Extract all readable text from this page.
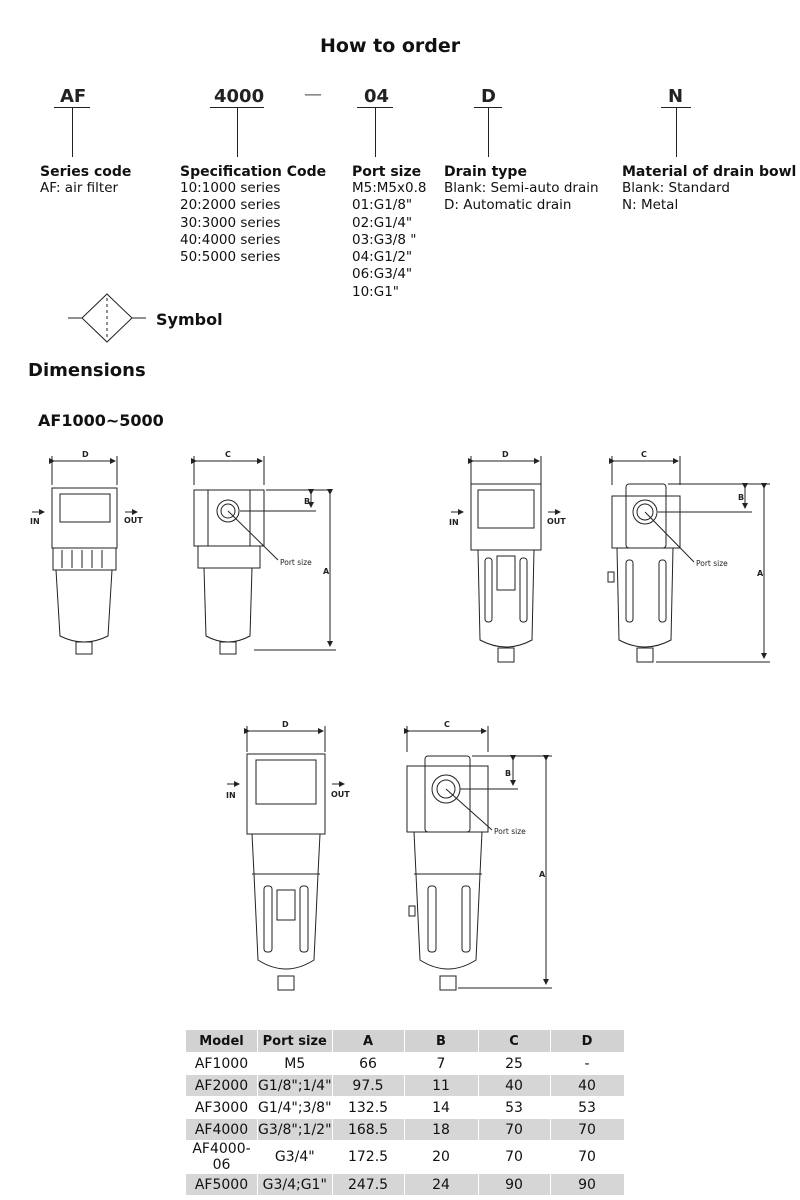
How to order
AF	4000 — 04	D	N
Series code
AF: air filter
Specification Code
10:1000 series
20:2000 series
30:3000 series
40:4000 series
50:5000 series
Port size
M5:M5x0.8
01:G1/8"
02:G1/4"
03:G3/8 "
04:G1/2"
06:G3/4"
10:G1"
Drain type
Blank: Semi-auto drain
D: Automatic drain
Material of drain bowl
Blank: Standard
N: Metal
Symbol
Dimensions
AF1000~5000
D
IN	OUT
C
Port size
B
A
D
IN	OUT
C
Port size
B
A
D
IN	OUT
C
Port size
B
A
Model	Port size	A	B	C	D
AF1000	M5	66	7	25	-
AF2000	G1/8";1/4"	97.5	11	40	40
AF3000	G1/4";3/8"	132.5	14	53	53
AF4000	G3/8";1/2"	168.5	18	70	70
AF4000-06	G3/4"	172.5	20	70	70
AF5000	G3/4;G1"	247.5	24	90	90
